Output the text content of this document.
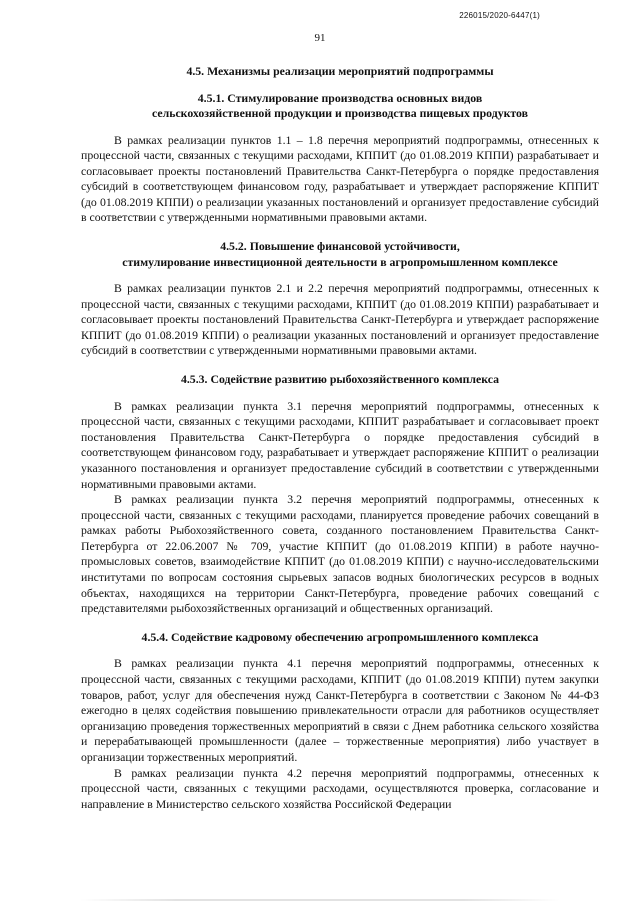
226015/2020-6447(1)
91
4.5. Механизмы реализации мероприятий подпрограммы
4.5.1. Стимулирование производства основных видов
сельскохозяйственной продукции и производства пищевых продуктов

В рамках реализации пунктов 1.1 – 1.8 перечня мероприятий подпрограммы, отнесенных к процессной части, связанных с текущими расходами, КППИТ (до 01.08.2019 КППИ) разрабатывает и согласовывает проекты постановлений Правительства Санкт-Петербурга о порядке предоставления субсидий в соответствующем финансовом году, разрабатывает и утверждает распоряжение КППИТ (до 01.08.2019 КППИ) о реализации указанных постановлений и организует предоставление субсидий в соответствии с утвержденными нормативными правовыми актами.

4.5.2. Повышение финансовой устойчивости,
стимулирование инвестиционной деятельности в агропромышленном комплексе

В рамках реализации пунктов 2.1 и 2.2 перечня мероприятий подпрограммы, отнесенных к процессной части, связанных с текущими расходами, КППИТ (до 01.08.2019 КППИ) разрабатывает и согласовывает проекты постановлений Правительства Санкт-Петербурга и утверждает распоряжение КППИТ (до 01.08.2019 КППИ) о реализации указанных постановлений и организует предоставление субсидий в соответствии с утвержденными нормативными правовыми актами.

4.5.3. Содействие развитию рыбохозяйственного комплекса

В рамках реализации пункта 3.1 перечня мероприятий подпрограммы, отнесенных к процессной части, связанных с текущими расходами, КППИТ разрабатывает и согласовывает проект постановления Правительства Санкт-Петербурга о порядке предоставления субсидий в соответствующем финансовом году, разрабатывает и утверждает распоряжение КППИТ о реализации указанного постановления и организует предоставление субсидий в соответствии с утвержденными нормативными правовыми актами.

В рамках реализации пункта 3.2 перечня мероприятий подпрограммы, отнесенных к процессной части, связанных с текущими расходами, планируется проведение рабочих совещаний в рамках работы Рыбохозяйственного совета, созданного постановлением Правительства Санкт-Петербурга от 22.06.2007 № 709, участие КППИТ (до 01.08.2019 КППИ) в работе научно-промысловых советов, взаимодействие КППИТ (до 01.08.2019 КППИ) с научно-исследовательскими институтами по вопросам состояния сырьевых запасов водных биологических ресурсов в водных объектах, находящихся на территории Санкт-Петербурга, проведение рабочих совещаний с представителями рыбохозяйственных организаций и общественных организаций.

4.5.4. Содействие кадровому обеспечению агропромышленного комплекса

В рамках реализации пункта 4.1 перечня мероприятий подпрограммы, отнесенных к процессной части, связанных с текущими расходами, КППИТ (до 01.08.2019 КППИ) путем закупки товаров, работ, услуг для обеспечения нужд Санкт-Петербурга в соответствии с Законом № 44-ФЗ ежегодно в целях содействия повышению привлекательности отрасли для работников осуществляет организацию проведения торжественных мероприятий в связи с Днем работника сельского хозяйства и перерабатывающей промышленности (далее – торжественные мероприятия) либо участвует в организации торжественных мероприятий.

В рамках реализации пункта 4.2 перечня мероприятий подпрограммы, отнесенных к процессной части, связанных с текущими расходами, осуществляются проверка, согласование и направление в Министерство сельского хозяйства Российской Федерации
